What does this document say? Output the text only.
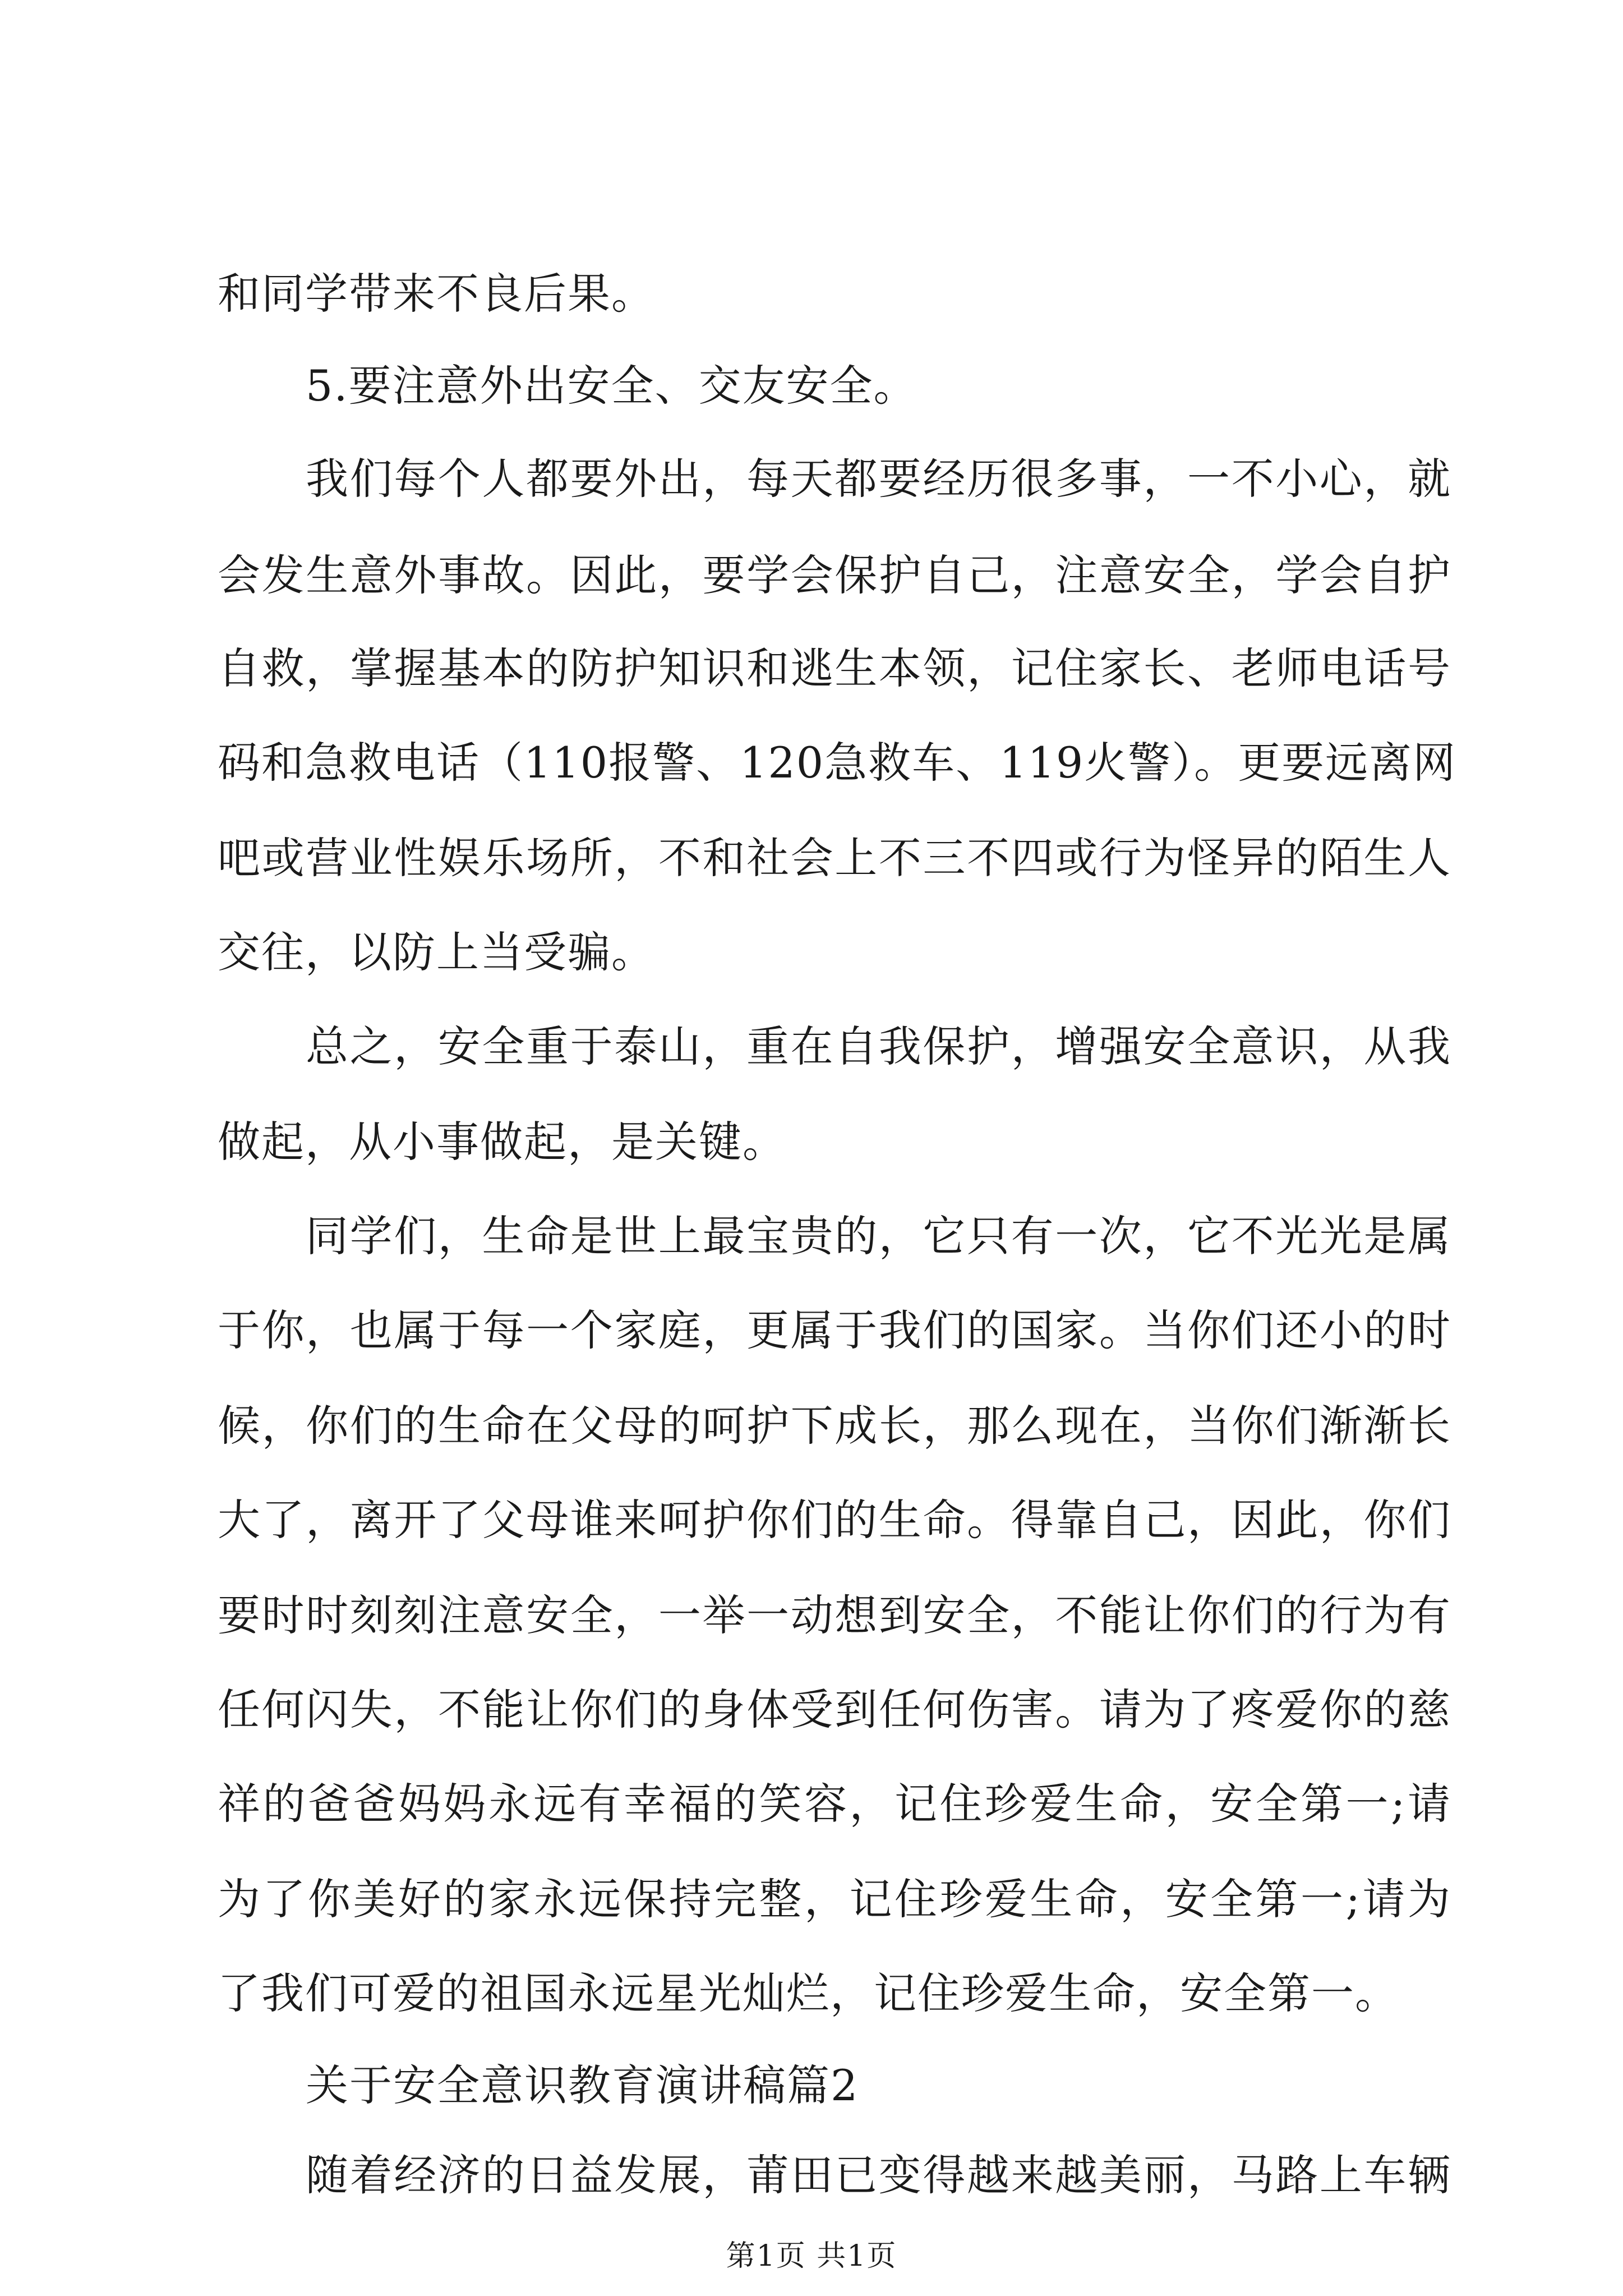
和同学带来不良后果。
5.要注意外出安全、交友安全。
我们每个人都要外出，每天都要经历很多事，一不小心，就
会发生意外事故。因此，要学会保护自己，注意安全，学会自护
自救，掌握基本的防护知识和逃生本领，记住家长、老师电话号
码和急救电话（110报警、120急救车、119火警）。更要远离网
吧或营业性娱乐场所，不和社会上不三不四或行为怪异的陌生人
交往，以防上当受骗。
总之，安全重于泰山，重在自我保护，增强安全意识，从我
做起，从小事做起，是关键。
同学们，生命是世上最宝贵的，它只有一次，它不光光是属
于你，也属于每一个家庭，更属于我们的国家。当你们还小的时
候，你们的生命在父母的呵护下成长，那么现在，当你们渐渐长
大了，离开了父母谁来呵护你们的生命。得靠自己，因此，你们
要时时刻刻注意安全，一举一动想到安全，不能让你们的行为有
任何闪失，不能让你们的身体受到任何伤害。请为了疼爱你的慈
祥的爸爸妈妈永远有幸福的笑容，记住珍爱生命，安全第一;请
为了你美好的家永远保持完整，记住珍爱生命，安全第一;请为
了我们可爱的祖国永远星光灿烂，记住珍爱生命，安全第一。
关于安全意识教育演讲稿篇2
随着经济的日益发展，莆田已变得越来越美丽，马路上车辆
第1页 共1页
